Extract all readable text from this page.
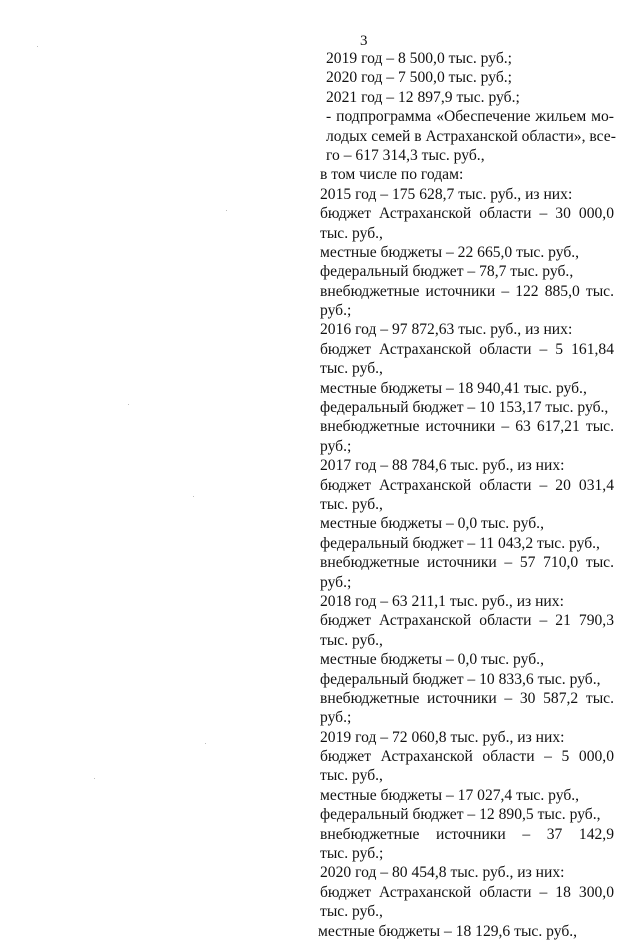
3
2019 год – 8 500,0 тыс. руб.;
2020 год – 7 500,0 тыс. руб.;
2021 год – 12 897,9 тыс. руб.;
- подпрограмма «Обеспечение жильем мо-
лодых семей в Астраханской области», все-
го – 617 314,3 тыс. руб.,
в том числе по годам:
2015 год – 175 628,7 тыс. руб., из них:
бюджет Астраханской области – 30 000,0
тыс. руб.,
местные бюджеты – 22 665,0 тыс. руб.,
федеральный бюджет – 78,7 тыс. руб.,
внебюджетные источники – 122 885,0 тыс.
руб.;
2016 год – 97 872,63 тыс. руб., из них:
бюджет Астраханской области – 5 161,84
тыс. руб.,
местные бюджеты – 18 940,41 тыс. руб.,
федеральный бюджет – 10 153,17 тыс. руб.,
внебюджетные источники – 63 617,21 тыс.
руб.;
2017 год – 88 784,6 тыс. руб., из них:
бюджет Астраханской области – 20 031,4
тыс. руб.,
местные бюджеты – 0,0 тыс. руб.,
федеральный бюджет – 11 043,2 тыс. руб.,
внебюджетные источники – 57 710,0 тыс.
руб.;
2018 год – 63 211,1 тыс. руб., из них:
бюджет Астраханской области – 21 790,3
тыс. руб.,
местные бюджеты – 0,0 тыс. руб.,
федеральный бюджет – 10 833,6 тыс. руб.,
внебюджетные источники – 30 587,2 тыс.
руб.;
2019 год – 72 060,8 тыс. руб., из них:
бюджет Астраханской области – 5 000,0
тыс. руб.,
местные бюджеты – 17 027,4 тыс. руб.,
федеральный бюджет – 12 890,5 тыс. руб.,
внебюджетные источники – 37 142,9
тыс. руб.;
2020 год – 80 454,8 тыс. руб., из них:
бюджет Астраханской области – 18 300,0
тыс. руб.,
местные бюджеты – 18 129,6 тыс. руб.,
